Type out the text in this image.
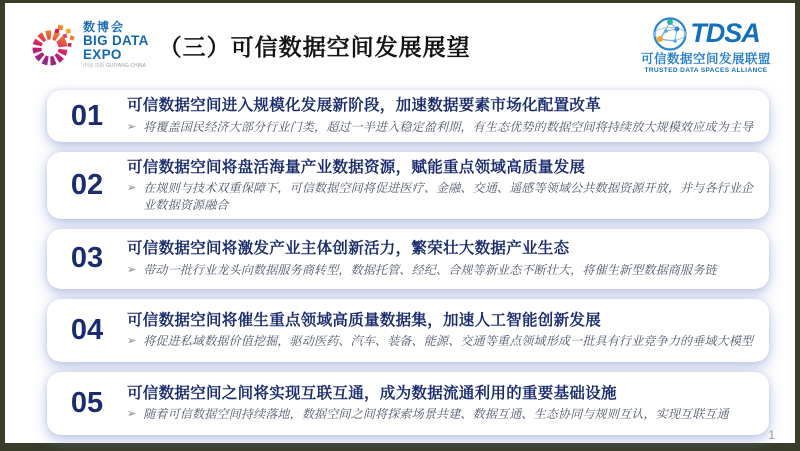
数博会
BIG DATA
EXPO
中国·贵阳 GUIYANG·CHINA
（三）可信数据空间发展展望	TDSA
可信数据空间发展联盟
TRUSTED DATA SPACES ALLIANCE
01	可信数据空间进入规模化发展新阶段，加速数据要素市场化配置改革
➢ 将覆盖国民经济大部分行业门类，超过一半进入稳定盈利期，有生态优势的数据空间将持续放大规模效应成为主导
02
可信数据空间将盘活海量产业数据资源，赋能重点领域高质量发展
➢ 在规则与技术双重保障下，可信数据空间将促进医疗、金融、交通、遥感等领域公共数据资源开放，并与各行业企业数据资源融合
03	可信数据空间将激发产业主体创新活力，繁荣壮大数据产业生态
➢ 带动一批行业龙头向数据服务商转型，数据托管、经纪、合规等新业态不断壮大，将催生新型数据商服务链
04	可信数据空间将催生重点领域高质量数据集，加速人工智能创新发展
➢ 将促进私域数据价值挖掘，驱动医药、汽车、装备、能源、交通等重点领域形成一批具有行业竞争力的垂域大模型
05	可信数据空间之间将实现互联互通，成为数据流通利用的重要基础设施
➢ 随着可信数据空间持续落地，数据空间之间将探索场景共建、数据互通、生态协同与规则互认，实现互联互通
1
